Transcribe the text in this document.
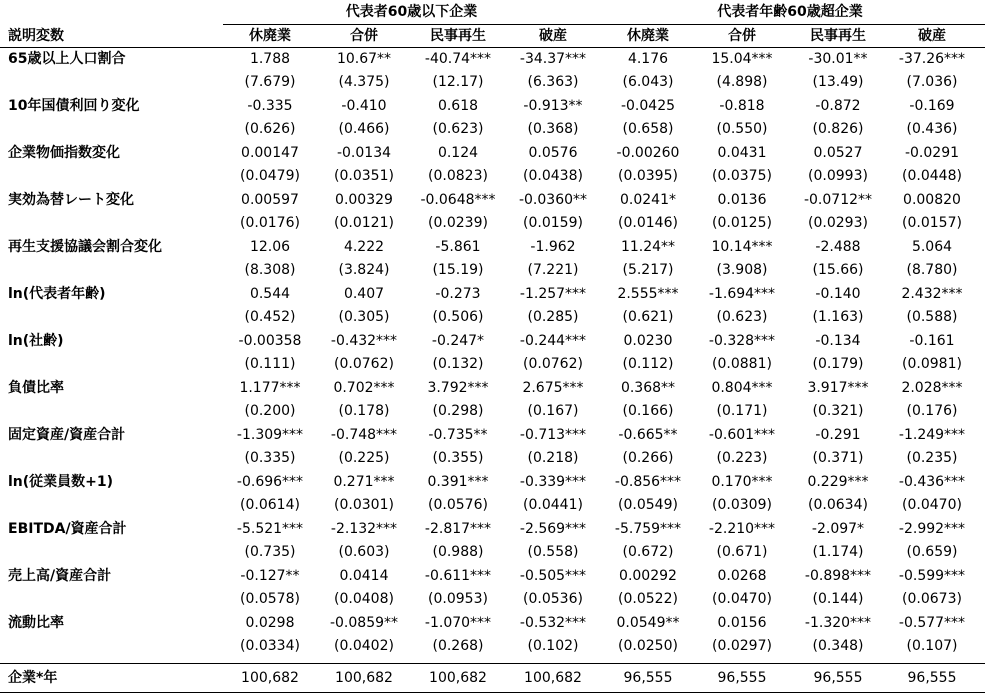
代表者60歳以下企業	代表者年齢60歳超企業
説明変数	休廃業	合併	民事再生	破産	休廃業	合併	民事再生	破産
65歳以上人口割合	1.788	10.67**	-40.74***	-34.37***	4.176	15.04***	-30.01**	-37.26***
(7.679)	(4.375)	(12.17)	(6.363)	(6.043)	(4.898)	(13.49)	(7.036)
10年国債利回り変化	-0.335	-0.410	0.618	-0.913**	-0.0425	-0.818	-0.872	-0.169
(0.626)	(0.466)	(0.623)	(0.368)	(0.658)	(0.550)	(0.826)	(0.436)
企業物価指数変化	0.00147	-0.0134	0.124	0.0576	-0.00260	0.0431	0.0527	-0.0291
(0.0479)	(0.0351)	(0.0823)	(0.0438)	(0.0395)	(0.0375)	(0.0993)	(0.0448)
実効為替レート変化	0.00597	0.00329	-0.0648***	-0.0360**	0.0241*	0.0136	-0.0712**	0.00820
(0.0176)	(0.0121)	(0.0239)	(0.0159)	(0.0146)	(0.0125)	(0.0293)	(0.0157)
再生支援協議会割合変化	12.06	4.222	-5.861	-1.962	11.24**	10.14***	-2.488	5.064
(8.308)	(3.824)	(15.19)	(7.221)	(5.217)	(3.908)	(15.66)	(8.780)
ln(代表者年齢)	0.544	0.407	-0.273	-1.257***	2.555***	-1.694***	-0.140	2.432***
(0.452)	(0.305)	(0.506)	(0.285)	(0.621)	(0.623)	(1.163)	(0.588)
ln(社齢)	-0.00358	-0.432***	-0.247*	-0.244***	0.0230	-0.328***	-0.134	-0.161
(0.111)	(0.0762)	(0.132)	(0.0762)	(0.112)	(0.0881)	(0.179)	(0.0981)
負債比率	1.177***	0.702***	3.792***	2.675***	0.368**	0.804***	3.917***	2.028***
(0.200)	(0.178)	(0.298)	(0.167)	(0.166)	(0.171)	(0.321)	(0.176)
固定資産/資産合計	-1.309***	-0.748***	-0.735**	-0.713***	-0.665**	-0.601***	-0.291	-1.249***
(0.335)	(0.225)	(0.355)	(0.218)	(0.266)	(0.223)	(0.371)	(0.235)
ln(従業員数+1)	-0.696***	0.271***	0.391***	-0.339***	-0.856***	0.170***	0.229***	-0.436***
(0.0614)	(0.0301)	(0.0576)	(0.0441)	(0.0549)	(0.0309)	(0.0634)	(0.0470)
EBITDA/資産合計	-5.521***	-2.132***	-2.817***	-2.569***	-5.759***	-2.210***	-2.097*	-2.992***
(0.735)	(0.603)	(0.988)	(0.558)	(0.672)	(0.671)	(1.174)	(0.659)
売上高/資産合計	-0.127**	0.0414	-0.611***	-0.505***	0.00292	0.0268	-0.898***	-0.599***
(0.0578)	(0.0408)	(0.0953)	(0.0536)	(0.0522)	(0.0470)	(0.144)	(0.0673)
流動比率	0.0298	-0.0859**	-1.070***	-0.532***	0.0549**	0.0156	-1.320***	-0.577***
(0.0334)	(0.0402)	(0.268)	(0.102)	(0.0250)	(0.0297)	(0.348)	(0.107)
企業*年	100,682	100,682	100,682	100,682	96,555	96,555	96,555	96,555
